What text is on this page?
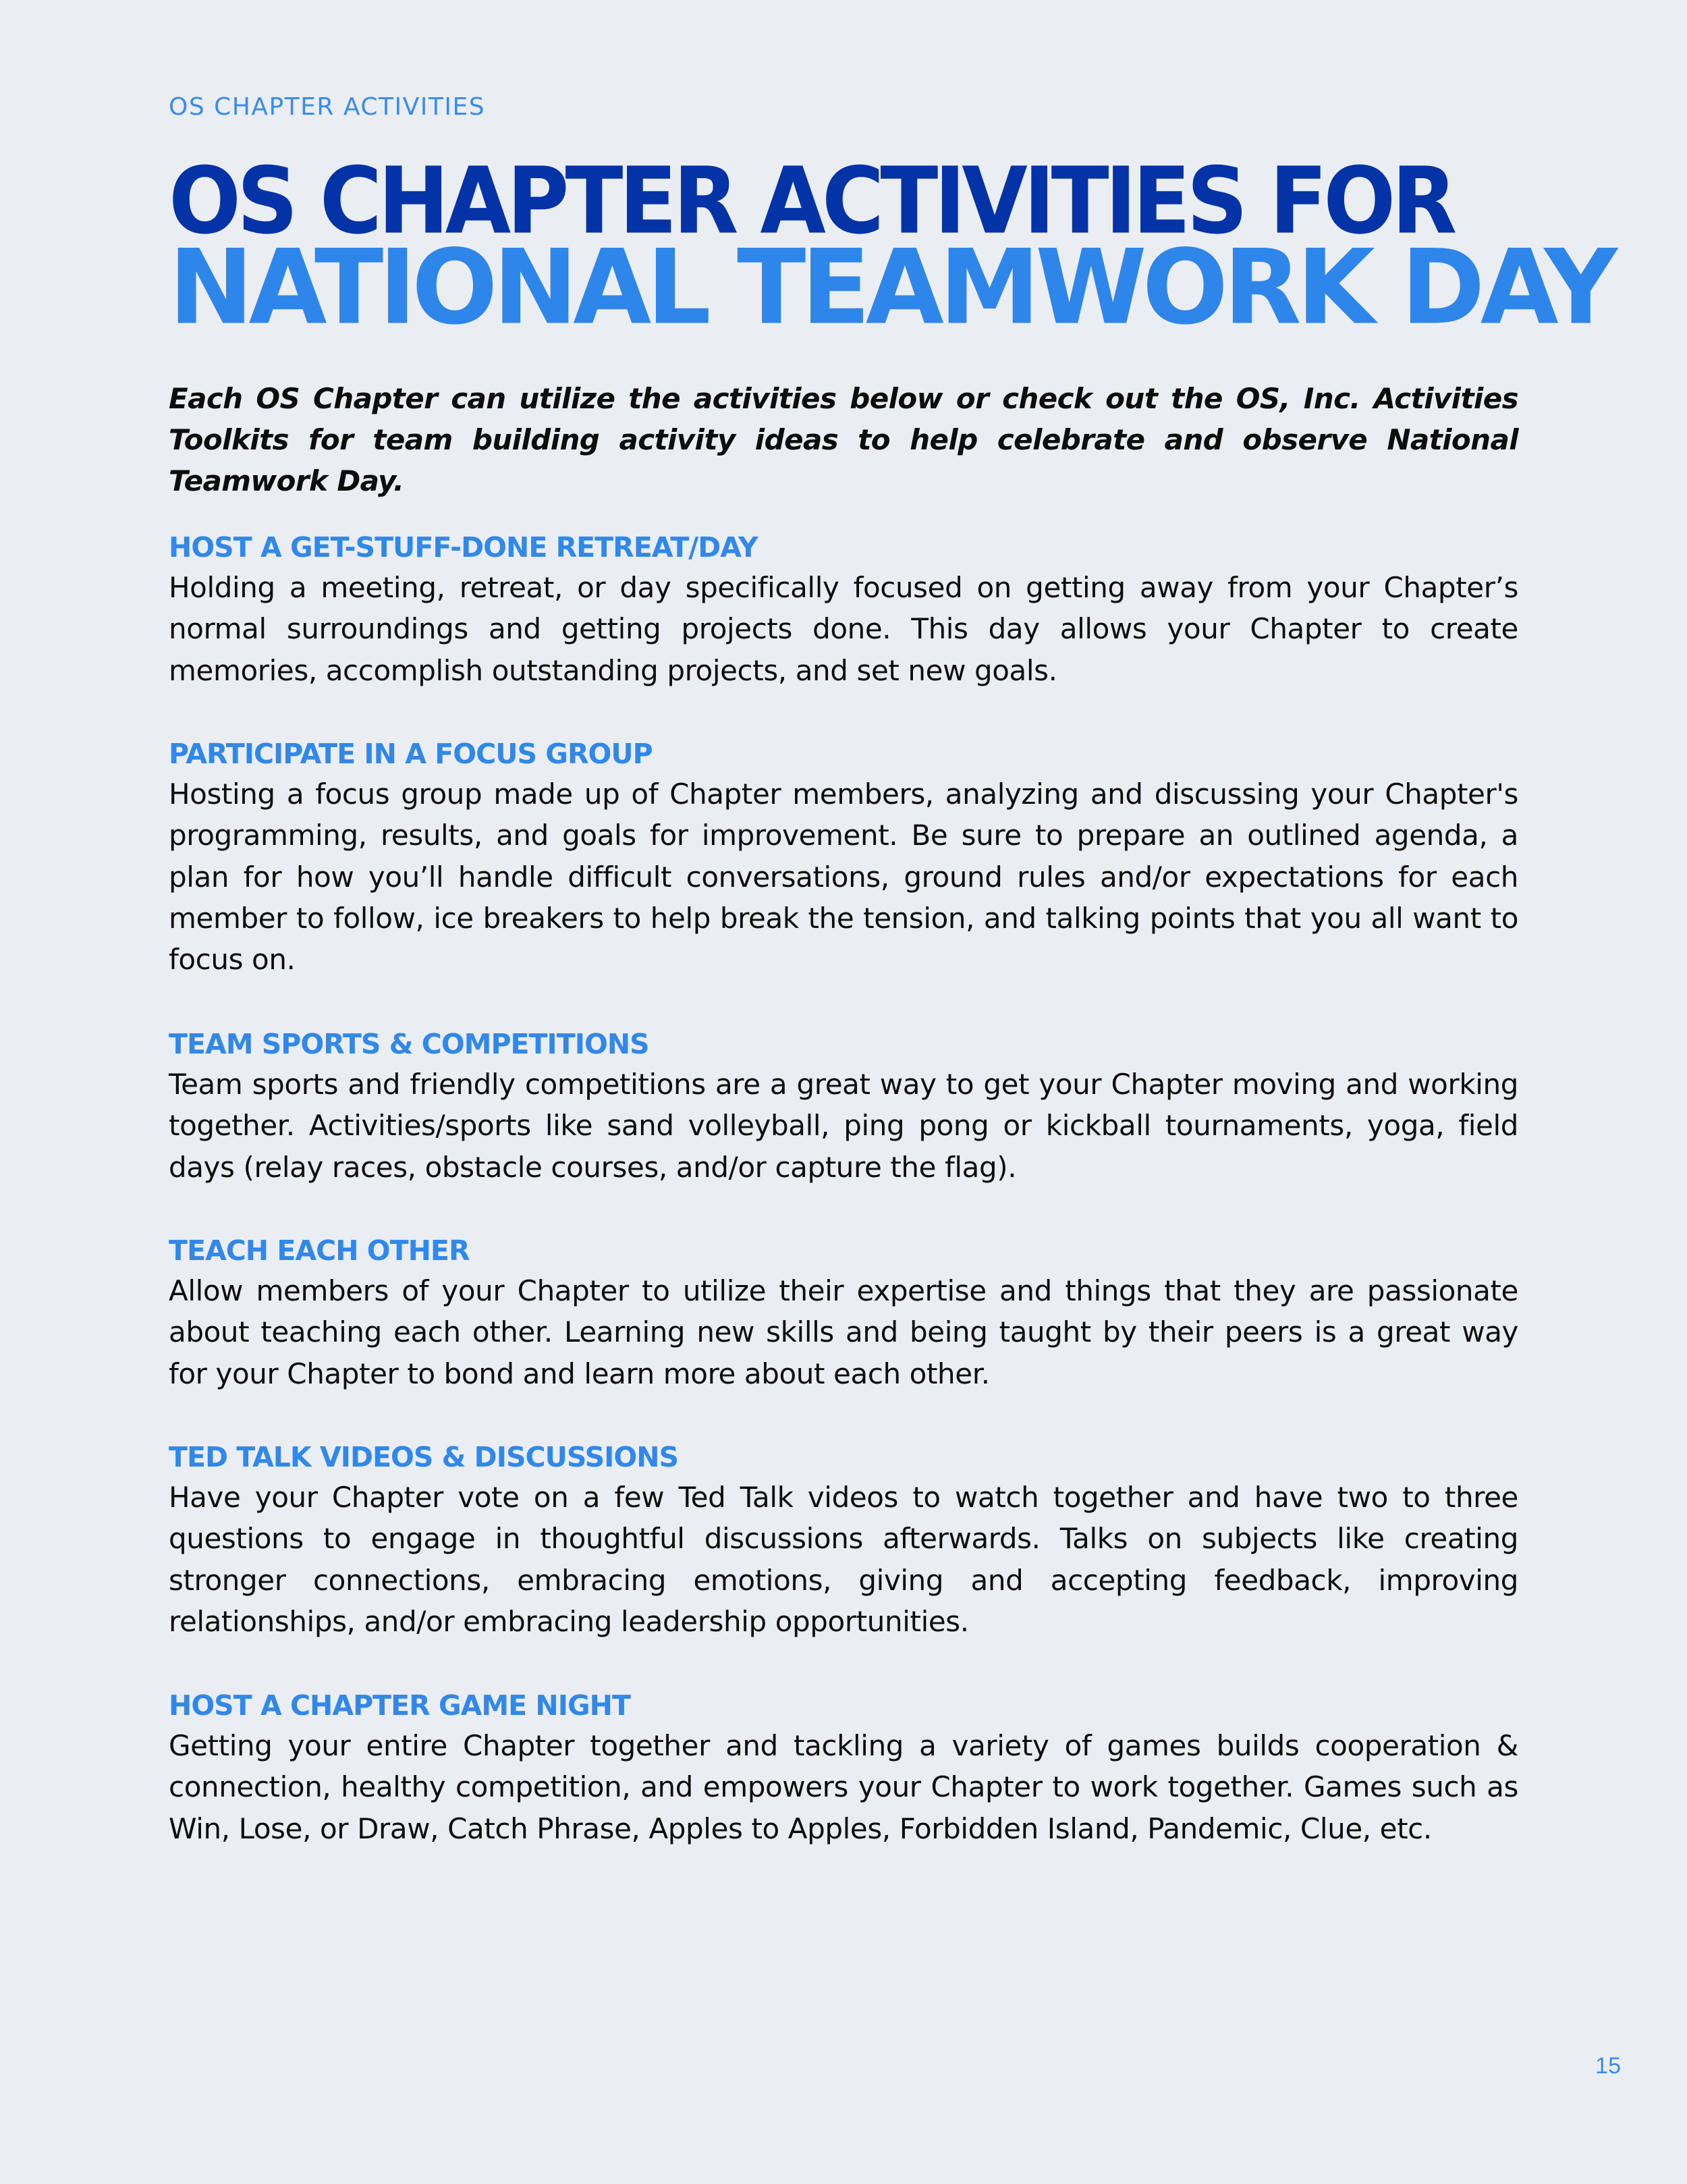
OS CHAPTER ACTIVITIES
OS CHAPTER ACTIVITIES FOR
NATIONAL TEAMWORK DAY
Each OS Chapter can utilize the activities below or check out the OS, Inc. Activities Toolkits for team building activity ideas to help celebrate and observe National Teamwork Day.
HOST A GET-STUFF-DONE RETREAT/DAY

Holding a meeting, retreat, or day specifically focused on getting away from your Chapter’s normal surroundings and getting projects done. This day allows your Chapter to create memories, accomplish outstanding projects, and set new goals.

PARTICIPATE IN A FOCUS GROUP

Hosting a focus group made up of Chapter members, analyzing and discussing your Chapter's programming, results, and goals for improvement. Be sure to prepare an outlined agenda, a plan for how you’ll handle difficult conversations, ground rules and/or expectations for each member to follow, ice breakers to help break the tension, and talking points that you all want to focus on.

TEAM SPORTS & COMPETITIONS

Team sports and friendly competitions are a great way to get your Chapter moving and working together. Activities/sports like sand volleyball, ping pong or kickball tournaments, yoga, field days (relay races, obstacle courses, and/or capture the flag).

TEACH EACH OTHER

Allow members of your Chapter to utilize their expertise and things that they are passionate about teaching each other. Learning new skills and being taught by their peers is a great way for your Chapter to bond and learn more about each other.

TED TALK VIDEOS & DISCUSSIONS

Have your Chapter vote on a few Ted Talk videos to watch together and have two to three questions to engage in thoughtful discussions afterwards. Talks on subjects like creating stronger connections, embracing emotions, giving and accepting feedback, improving relationships, and/or embracing leadership opportunities.

HOST A CHAPTER GAME NIGHT

Getting your entire Chapter together and tackling a variety of games builds cooperation & connection, healthy competition, and empowers your Chapter to work together. Games such as Win, Lose, or Draw, Catch Phrase, Apples to Apples, Forbidden Island, Pandemic, Clue, etc.

15
